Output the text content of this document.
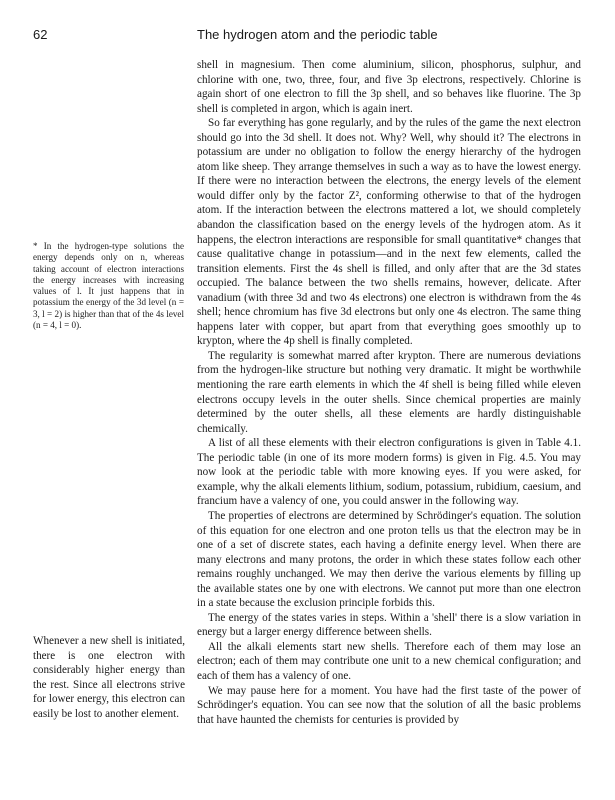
62	The hydrogen atom and the periodic table
* In the hydrogen-type solutions the energy depends only on n, whereas taking account of electron interactions the energy increases with increasing values of l. It just happens that in potassium the energy of the 3d level (n = 3, l = 2) is higher than that of the 4s level (n = 4, l = 0).
Whenever a new shell is initiated, there is one electron with considerably higher energy than the rest. Since all electrons strive for lower energy, this electron can easily be lost to another element.

shell in magnesium. Then come aluminium, silicon, phosphorus, sulphur, and chlorine with one, two, three, four, and five 3p electrons, respectively. Chlorine is again short of one electron to fill the 3p shell, and so behaves like fluorine. The 3p shell is completed in argon, which is again inert.

So far everything has gone regularly, and by the rules of the game the next electron should go into the 3d shell. It does not. Why? Well, why should it? The electrons in potassium are under no obligation to follow the energy hierarchy of the hydrogen atom like sheep. They arrange themselves in such a way as to have the lowest energy. If there were no interaction between the electrons, the energy levels of the element would differ only by the factor Z², conforming otherwise to that of the hydrogen atom. If the interaction between the electrons mattered a lot, we should completely abandon the classification based on the energy levels of the hydrogen atom. As it happens, the electron interactions are responsible for small quantitative* changes that cause qualitative change in potassium—and in the next few elements, called the transition elements. First the 4s shell is filled, and only after that are the 3d states occupied. The balance between the two shells remains, however, delicate. After vanadium (with three 3d and two 4s electrons) one electron is withdrawn from the 4s shell; hence chromium has five 3d electrons but only one 4s electron. The same thing happens later with copper, but apart from that everything goes smoothly up to krypton, where the 4p shell is finally completed.

The regularity is somewhat marred after krypton. There are numerous deviations from the hydrogen-like structure but nothing very dramatic. It might be worthwhile mentioning the rare earth elements in which the 4f shell is being filled while eleven electrons occupy levels in the outer shells. Since chemical properties are mainly determined by the outer shells, all these elements are hardly distinguishable chemically.

A list of all these elements with their electron configurations is given in Table 4.1. The periodic table (in one of its more modern forms) is given in Fig. 4.5. You may now look at the periodic table with more knowing eyes. If you were asked, for example, why the alkali elements lithium, sodium, potassium, rubidium, caesium, and francium have a valency of one, you could answer in the following way.

The properties of electrons are determined by Schrödinger's equation. The solution of this equation for one electron and one proton tells us that the electron may be in one of a set of discrete states, each having a definite energy level. When there are many electrons and many protons, the order in which these states follow each other remains roughly unchanged. We may then derive the various elements by filling up the available states one by one with electrons. We cannot put more than one electron in a state because the exclusion principle forbids this.

The energy of the states varies in steps. Within a 'shell' there is a slow variation in energy but a larger energy difference between shells.

All the alkali elements start new shells. Therefore each of them may lose an electron; each of them may contribute one unit to a new chemical configuration; and each of them has a valency of one.

We may pause here for a moment. You have had the first taste of the power of Schrödinger's equation. You can see now that the solution of all the basic problems that have haunted the chemists for centuries is provided by
